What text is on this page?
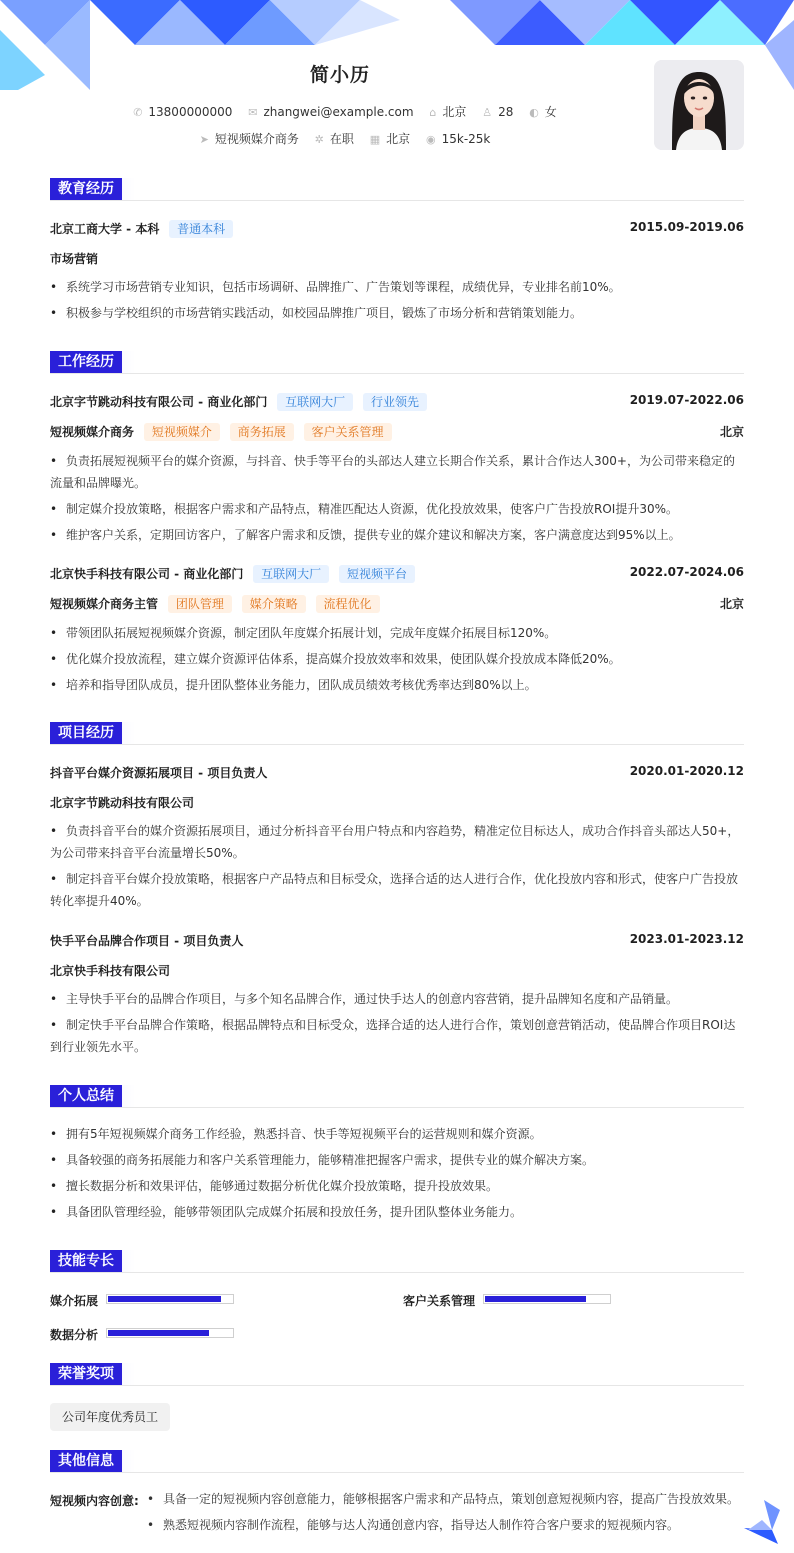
简小历
✆ 13800000000 ✉ zhangwei@example.com ⌂ 北京 ♙ 28 ◐ 女
➤ 短视频媒介商务 ✲ 在职 ▦ 北京 ◉ 15k-25k
教育经历
北京工商大学 - 本科 普通本科	2015.09-2019.06
市场营销
• 系统学习市场营销专业知识，包括市场调研、品牌推广、广告策划等课程，成绩优异，专业排名前10%。
• 积极参与学校组织的市场营销实践活动，如校园品牌推广项目，锻炼了市场分析和营销策划能力。
工作经历
北京字节跳动科技有限公司 - 商业化部门 互联网大厂 行业领先	2019.07-2022.06
短视频媒介商务 短视频媒介 商务拓展 客户关系管理	北京
• 负责拓展短视频平台的媒介资源，与抖音、快手等平台的头部达人建立长期合作关系，累计合作达人300+，为公司带来稳定的
流量和品牌曝光。
• 制定媒介投放策略，根据客户需求和产品特点，精准匹配达人资源，优化投放效果，使客户广告投放ROI提升30%。
• 维护客户关系，定期回访客户，了解客户需求和反馈，提供专业的媒介建议和解决方案，客户满意度达到95%以上。
北京快手科技有限公司 - 商业化部门 互联网大厂 短视频平台	2022.07-2024.06
短视频媒介商务主管 团队管理 媒介策略 流程优化	北京
• 带领团队拓展短视频媒介资源，制定团队年度媒介拓展计划，完成年度媒介拓展目标120%。
• 优化媒介投放流程，建立媒介资源评估体系，提高媒介投放效率和效果，使团队媒介投放成本降低20%。
• 培养和指导团队成员，提升团队整体业务能力，团队成员绩效考核优秀率达到80%以上。
项目经历
抖音平台媒介资源拓展项目 - 项目负责人	2020.01-2020.12
北京字节跳动科技有限公司
• 负责抖音平台的媒介资源拓展项目，通过分析抖音平台用户特点和内容趋势，精准定位目标达人，成功合作抖音头部达人50+，
为公司带来抖音平台流量增长50%。
• 制定抖音平台媒介投放策略，根据客户产品特点和目标受众，选择合适的达人进行合作，优化投放内容和形式，使客户广告投放
转化率提升40%。
快手平台品牌合作项目 - 项目负责人	2023.01-2023.12
北京快手科技有限公司
• 主导快手平台的品牌合作项目，与多个知名品牌合作，通过快手达人的创意内容营销，提升品牌知名度和产品销量。
• 制定快手平台品牌合作策略，根据品牌特点和目标受众，选择合适的达人进行合作，策划创意营销活动，使品牌合作项目ROI达
到行业领先水平。
个人总结
• 拥有5年短视频媒介商务工作经验，熟悉抖音、快手等短视频平台的运营规则和媒介资源。
• 具备较强的商务拓展能力和客户关系管理能力，能够精准把握客户需求，提供专业的媒介解决方案。
• 擅长数据分析和效果评估，能够通过数据分析优化媒介投放策略，提升投放效果。
• 具备团队管理经验，能够带领团队完成媒介拓展和投放任务，提升团队整体业务能力。
技能专长
媒介拓展	客户关系管理
数据分析
荣誉奖项
公司年度优秀员工
其他信息
短视频内容创意:
•	具备一定的短视频内容创意能力，能够根据客户需求和产品特点，策划创意短视频内容，提高广告投放效果。
• 熟悉短视频内容制作流程，能够与达人沟通创意内容，指导达人制作符合客户要求的短视频内容。
